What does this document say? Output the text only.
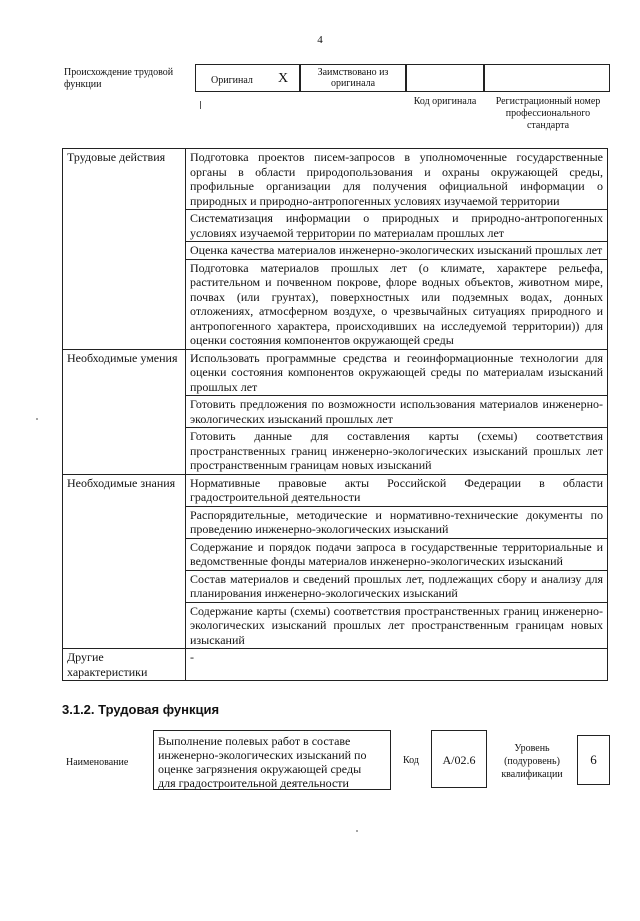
4
Происхождение трудовой функции	Оригинал X	Заимствовано из оригинала
Код оригинала	Регистрационный номер профессионального стандарта
Трудовые действия	Подготовка проектов писем-запросов в уполномоченные государственные органы в области природопользования и охраны окружающей среды, профильные организации для получения официальной информации о природных и природно-антропогенных условиях изучаемой территории
	Систематизация информации о природных и природно-антропогенных условиях изучаемой территории по материалам прошлых лет
	Оценка качества материалов инженерно-экологических изысканий прошлых лет
	Подготовка материалов прошлых лет (о климате, характере рельефа, растительном и почвенном покрове, флоре водных объектов, животном мире, почвах (или грунтах), поверхностных или подземных водах, донных отложениях, атмосферном воздухе, о чрезвычайных ситуациях природного и антропогенного характера, происходивших на исследуемой территории)) для оценки состояния компонентов окружающей среды
Необходимые умения	Использовать программные средства и геоинформационные технологии для оценки состояния компонентов окружающей среды по материалам изысканий прошлых лет
	Готовить предложения по возможности использования материалов инженерно-экологических изысканий прошлых лет
	Готовить данные для составления карты (схемы) соответствия пространственных границ инженерно-экологических изысканий прошлых лет пространственным границам новых изысканий
Необходимые знания	Нормативные правовые акты Российской Федерации в области градостроительной деятельности
	Распорядительные, методические и нормативно-технические документы по проведению инженерно-экологических изысканий
	Содержание и порядок подачи запроса в государственные территориальные и ведомственные фонды материалов инженерно-экологических изысканий
	Состав материалов и сведений прошлых лет, подлежащих сбору и анализу для планирования инженерно-экологических изысканий
	Содержание карты (схемы) соответствия пространственных границ инженерно-экологических изысканий прошлых лет пространственным границам новых изысканий
Другие характеристики	-
3.1.2. Трудовая функция
Наименование
Выполнение полевых работ в составе
инженерно-экологических изысканий по
оценке загрязнения окружающей среды
для градостроительной деятельности
Код	A/02.6
Уровень (подуровень) квалификации
6
